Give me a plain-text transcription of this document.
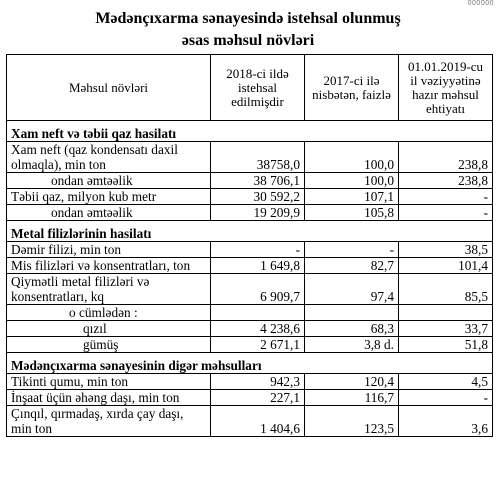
000000
Mədənçıxarma sənayesində istehsal olunmuş
əsas məhsul növləri
Məhsul növləri	2018-ci ildə istehsal edilmişdir	2017-ci ilə nisbətən, faizlə	01.01.2019-cu il vəziyyətinə hazır məhsul ehtiyatı
Xam neft və təbii qaz hasilatı			
Xam neft (qaz kondensatı daxil olmaqla), min ton	38758,0	100,0	238,8
ondan əmtəəlik	38 706,1	100,0	238,8
Təbii qaz, milyon kub metr	30 592,2	107,1	-
ondan əmtəəlik	19 209,9	105,8	-
Metal filizlərinin hasilatı			
Dəmir filizi, min ton	-	-	38,5
Mis filizləri və konsentratları, ton	1 649,8	82,7	101,4
Qiymətli metal filizləri və konsentratları, kq	6 909,7	97,4	85,5
o cümlədən :			
qızıl	4 238,6	68,3	33,7
gümüş	2 671,1	3,8 d.	51,8
Mədənçıxarma sənayesinin digər məhsulları			
Tikinti qumu, min ton	942,3	120,4	4,5
İnşaat üçün əhəng daşı, min ton	227,1	116,7	-
Çınqıl, qırmadaş, xırda çay daşı, min ton	1 404,6	123,5	3,6
